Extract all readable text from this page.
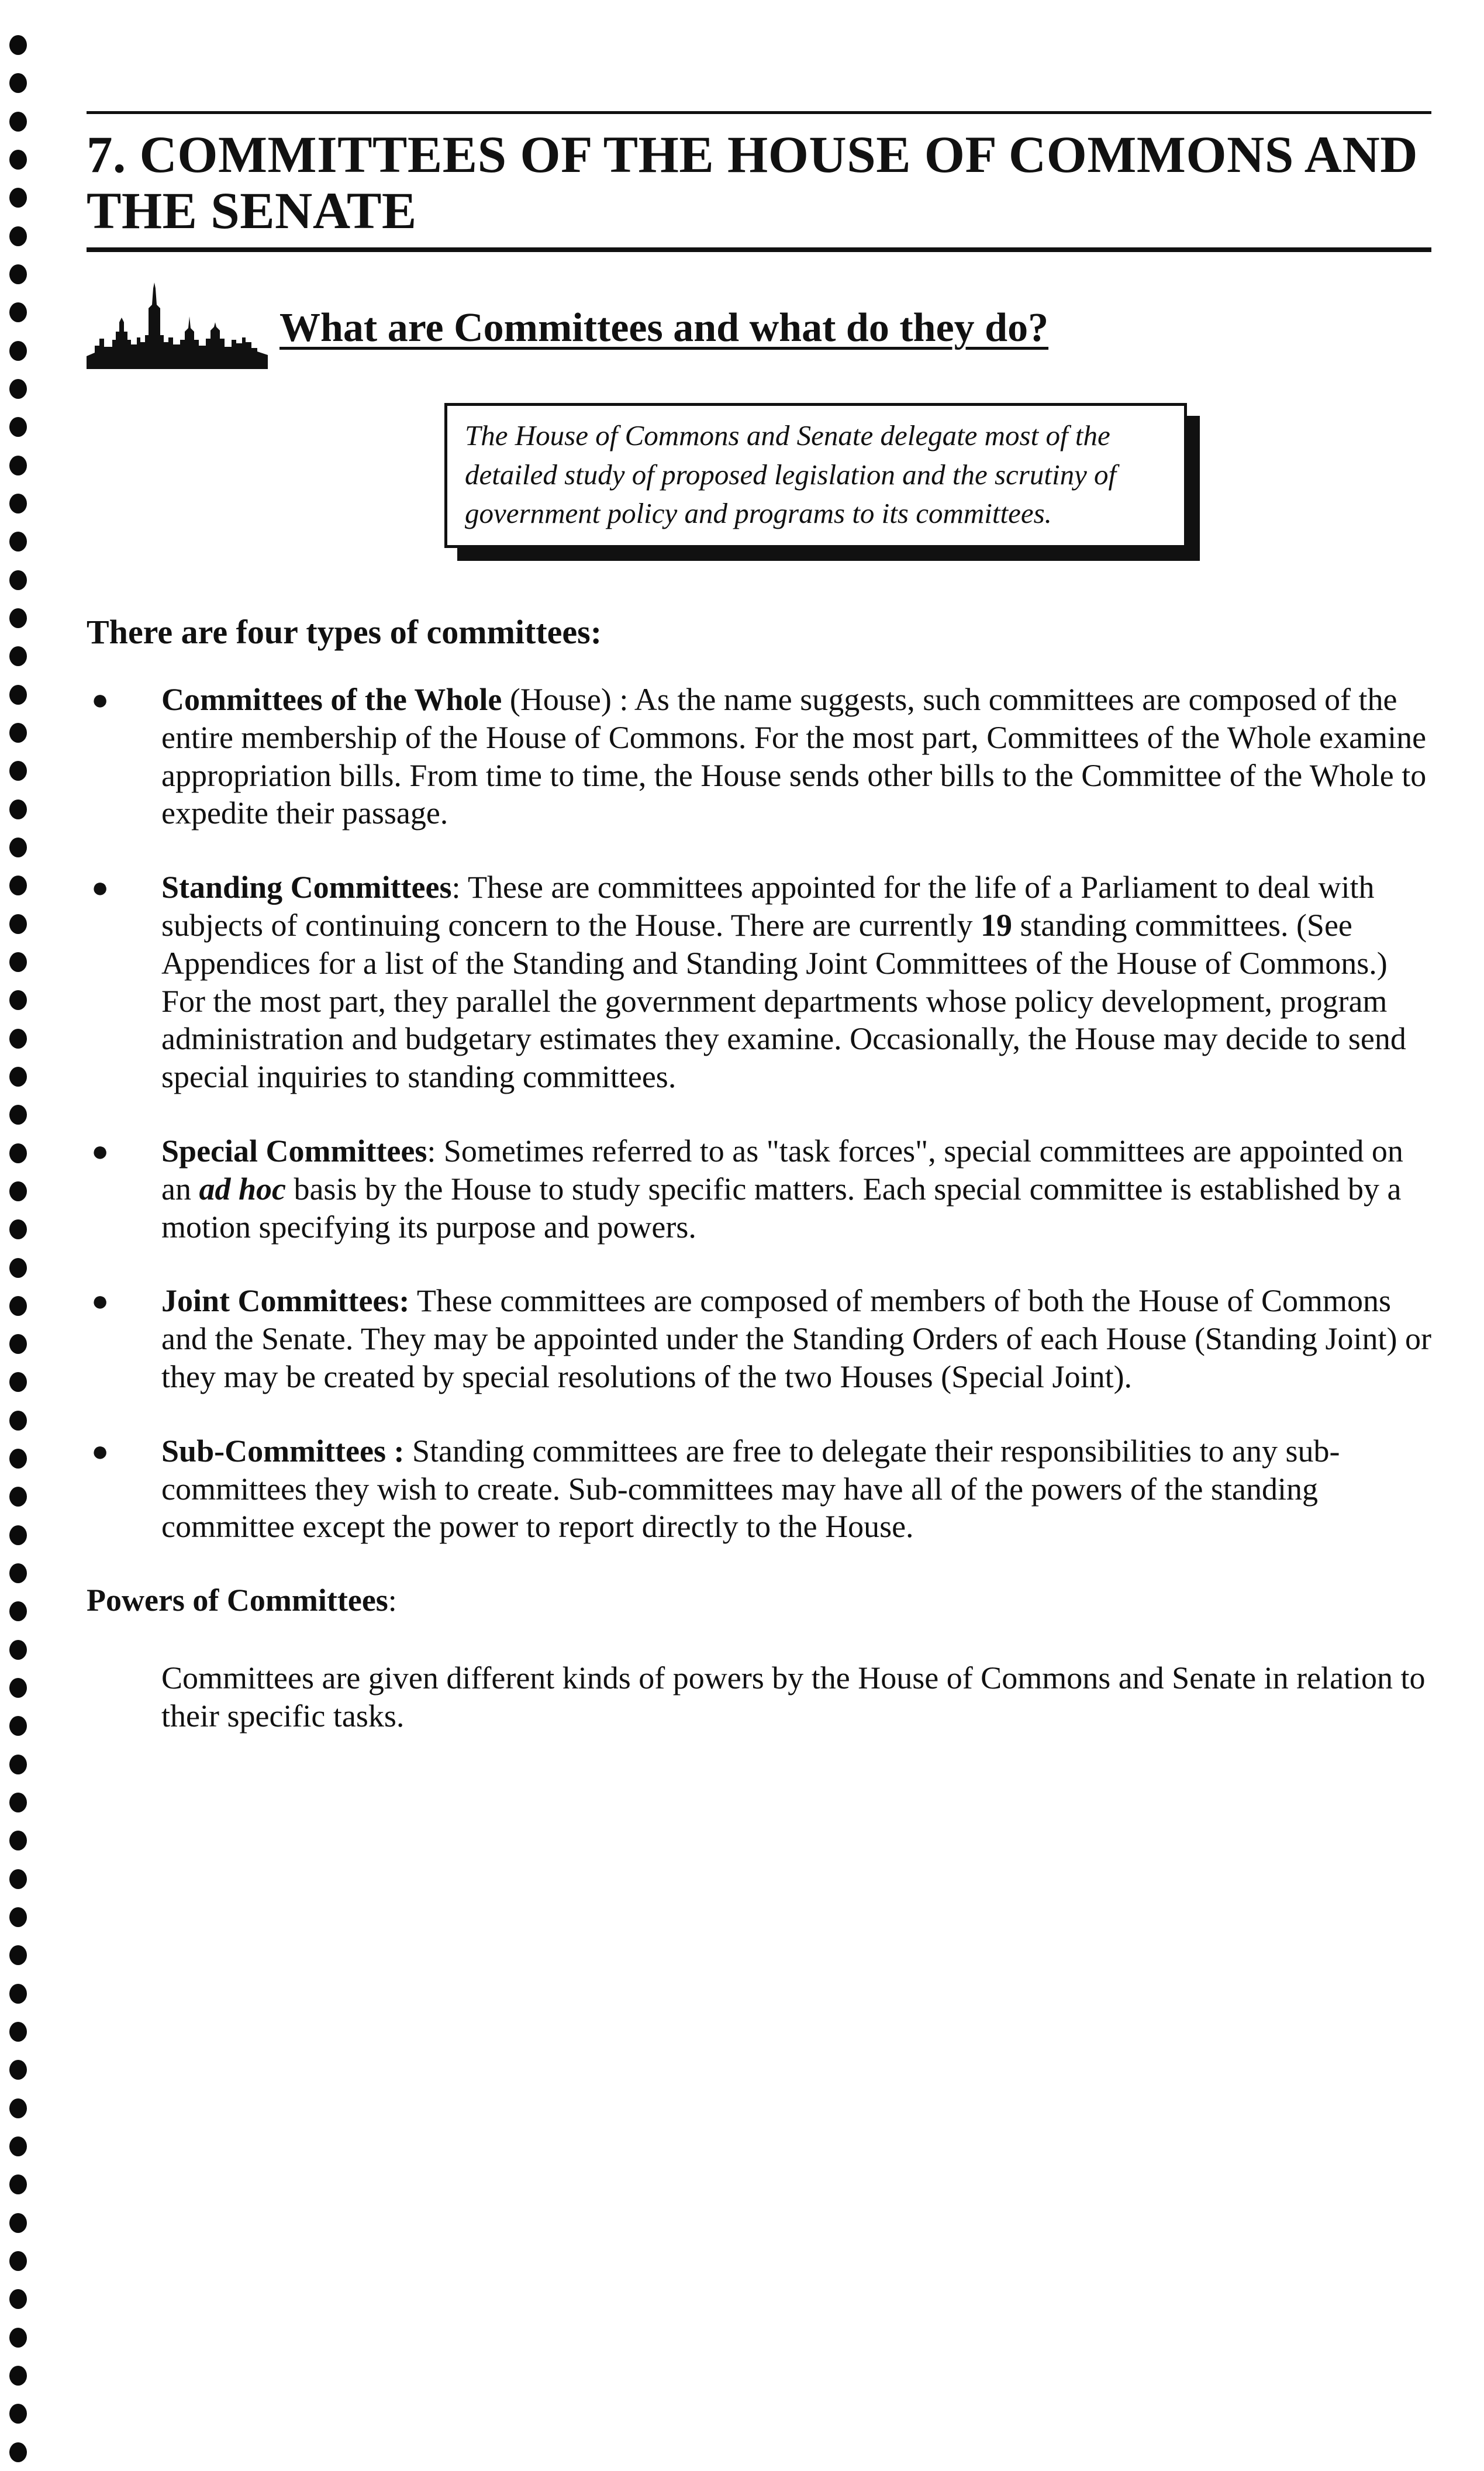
7. COMMITTEES OF THE HOUSE OF COMMONS AND THE SENATE
What are Committees and what do they do?
The House of Commons and Senate delegate most of the detailed study of proposed legislation and the scrutiny of government policy and programs to its committees.
There are four types of committees:
●	Committees of the Whole (House) : As the name suggests, such committees are composed of the entire membership of the House of Commons. For the most part, Committees of the Whole examine appropriation bills. From time to time, the House sends other bills to the Committee of the Whole to expedite their passage.
●	Standing Committees: These are committees appointed for the life of a Parliament to deal with subjects of continuing concern to the House. There are currently 19 standing committees. (See Appendices for a list of the Standing and Standing Joint Committees of the House of Commons.) For the most part, they parallel the government departments whose policy development, program administration and budgetary estimates they examine. Occasionally, the House may decide to send special inquiries to standing committees.
●	Special Committees: Sometimes referred to as "task forces", special committees are appointed on an ad hoc basis by the House to study specific matters. Each special committee is established by a motion specifying its purpose and powers.
●	Joint Committees: These committees are composed of members of both the House of Commons and the Senate. They may be appointed under the Standing Orders of each House (Standing Joint) or they may be created by special resolutions of the two Houses (Special Joint).
●	Sub-Committees : Standing committees are free to delegate their responsibilities to any sub-committees they wish to create. Sub-committees may have all of the powers of the standing committee except the power to report directly to the House.
Powers of Committees:
Committees are given different kinds of powers by the House of Commons and Senate in relation to their specific tasks.
